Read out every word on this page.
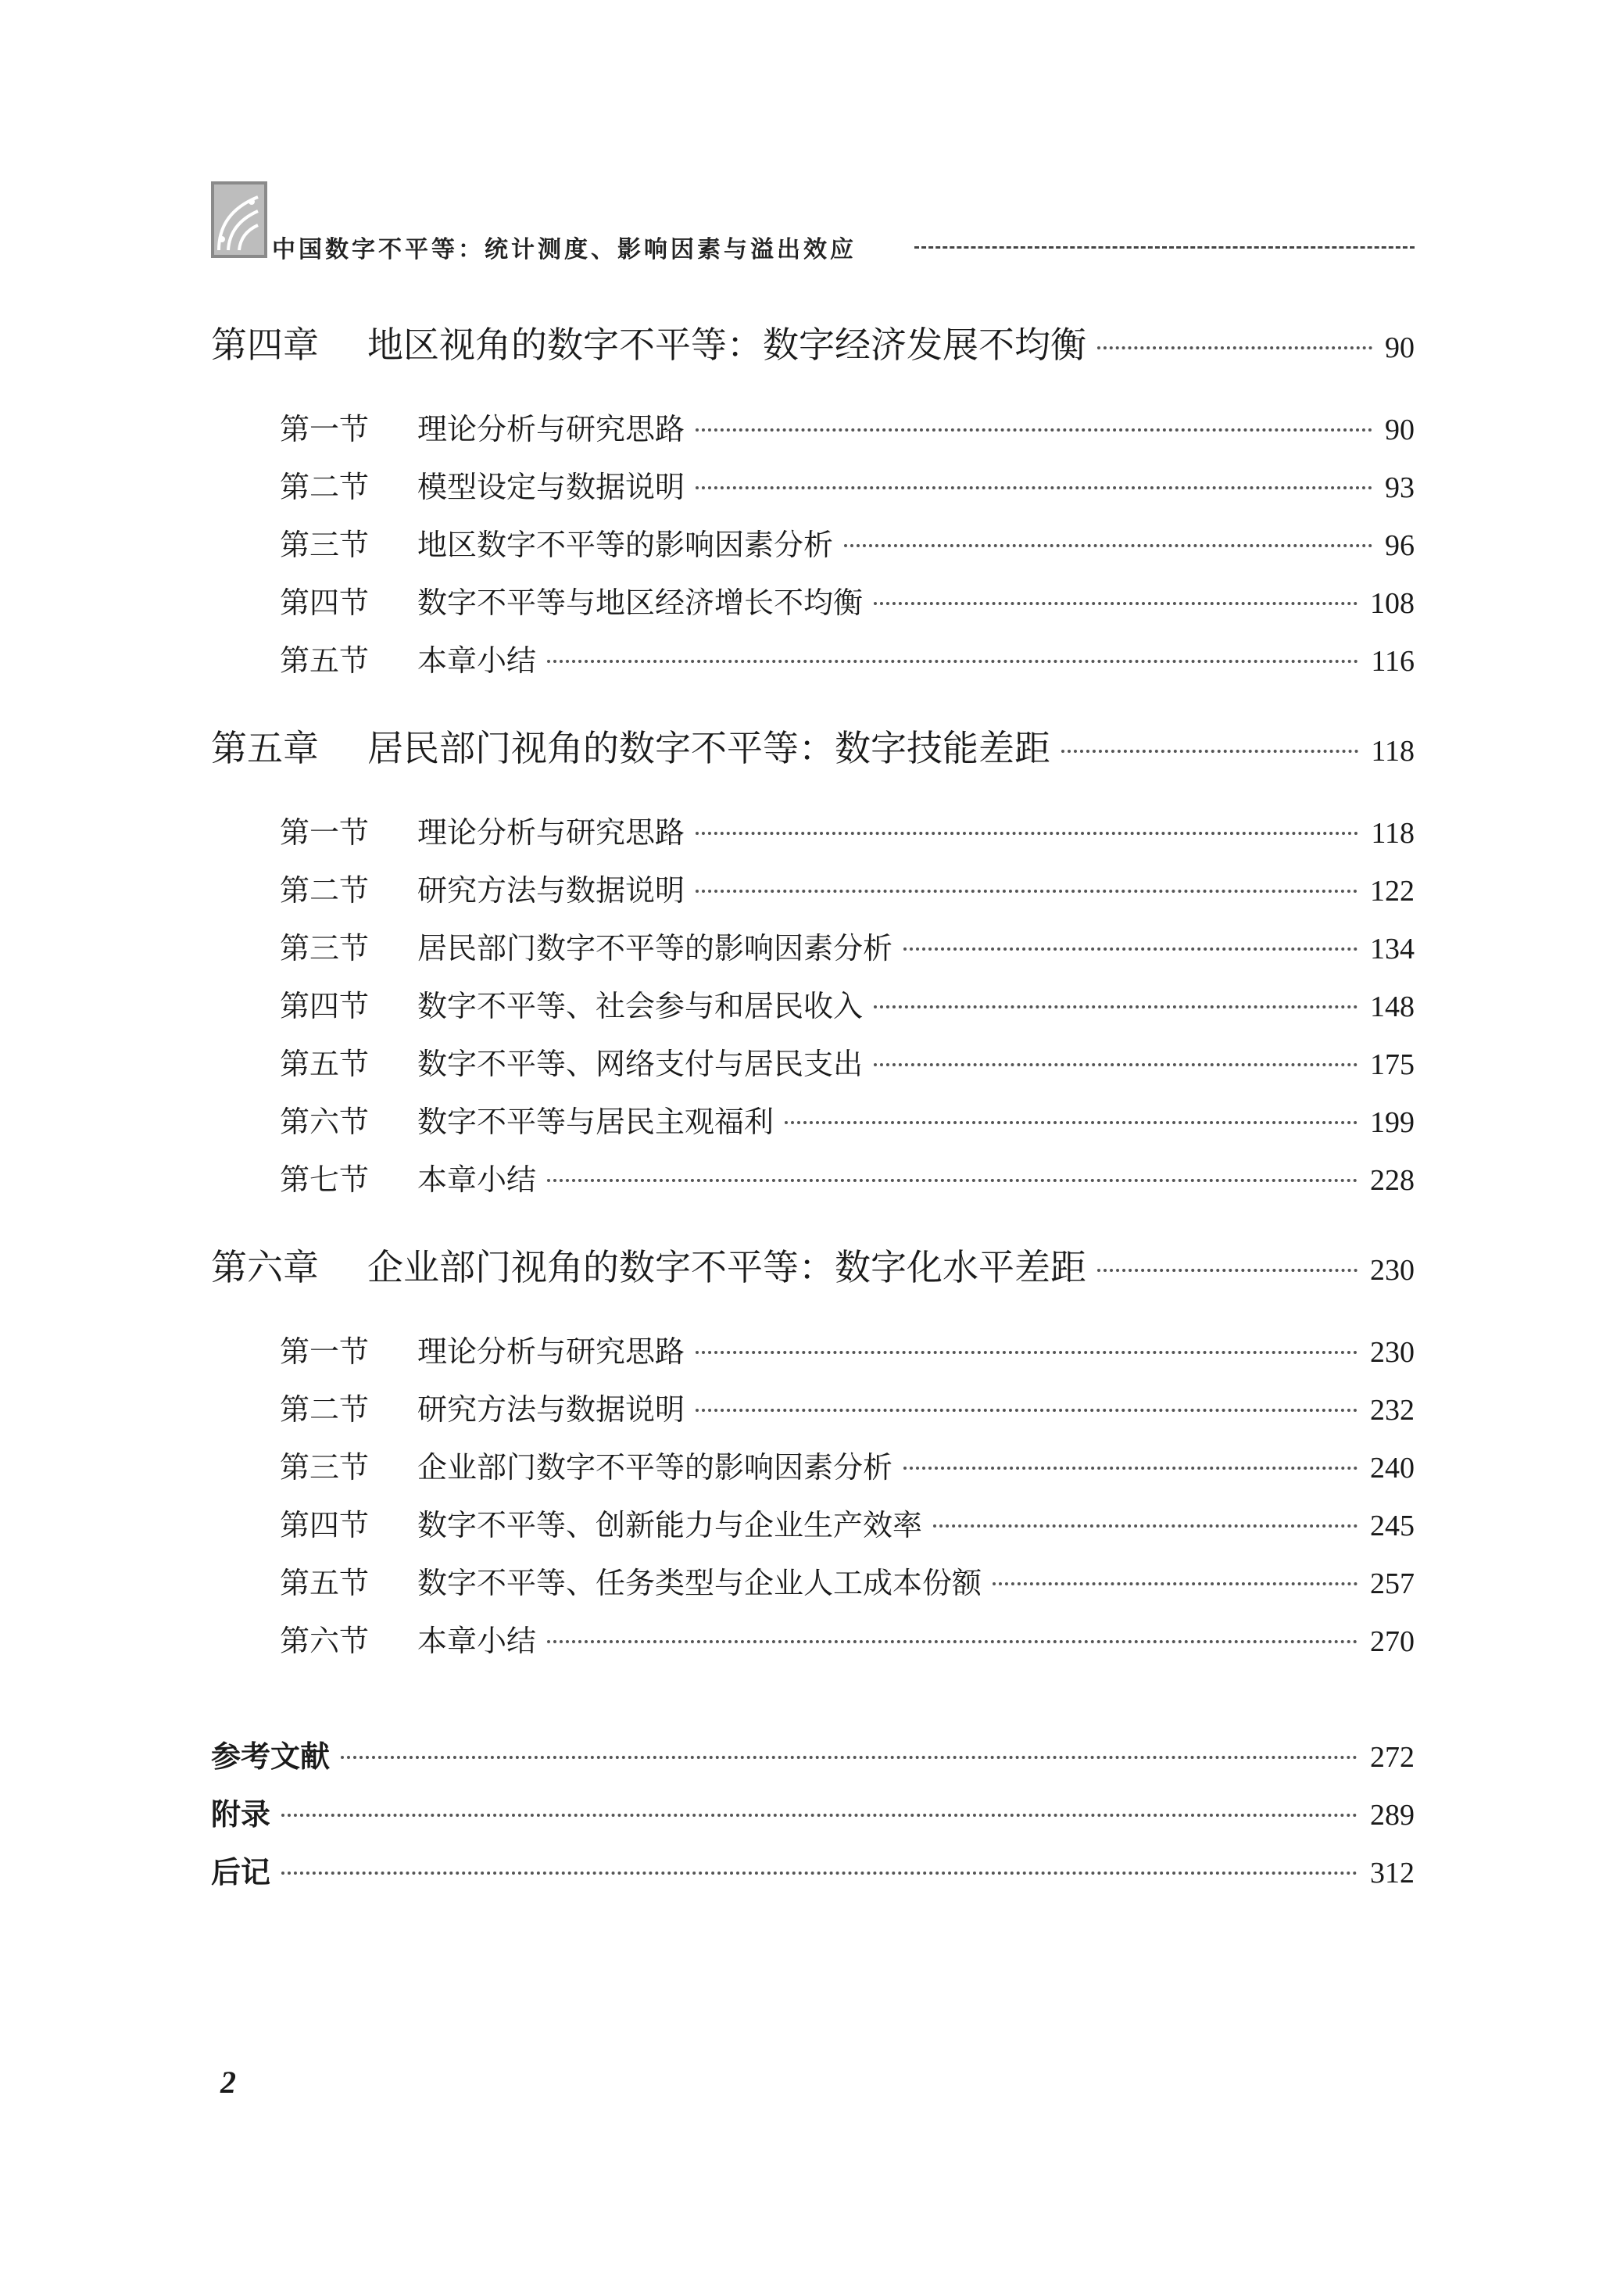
中国数字不平等：统计测度、影响因素与溢出效应
第四章	地区视角的数字不平等：数字经济发展不均衡	90
第一节	理论分析与研究思路	90
第二节	模型设定与数据说明	93
第三节	地区数字不平等的影响因素分析	96
第四节	数字不平等与地区经济增长不均衡	108
第五节	本章小结	116
第五章	居民部门视角的数字不平等：数字技能差距	118
第一节	理论分析与研究思路	118
第二节	研究方法与数据说明	122
第三节	居民部门数字不平等的影响因素分析	134
第四节	数字不平等、社会参与和居民收入	148
第五节	数字不平等、网络支付与居民支出	175
第六节	数字不平等与居民主观福利	199
第七节	本章小结	228
第六章	企业部门视角的数字不平等：数字化水平差距	230
第一节	理论分析与研究思路	230
第二节	研究方法与数据说明	232
第三节	企业部门数字不平等的影响因素分析	240
第四节	数字不平等、创新能力与企业生产效率	245
第五节	数字不平等、任务类型与企业人工成本份额	257
第六节	本章小结	270
参考文献	272
附录	289
后记	312
2
